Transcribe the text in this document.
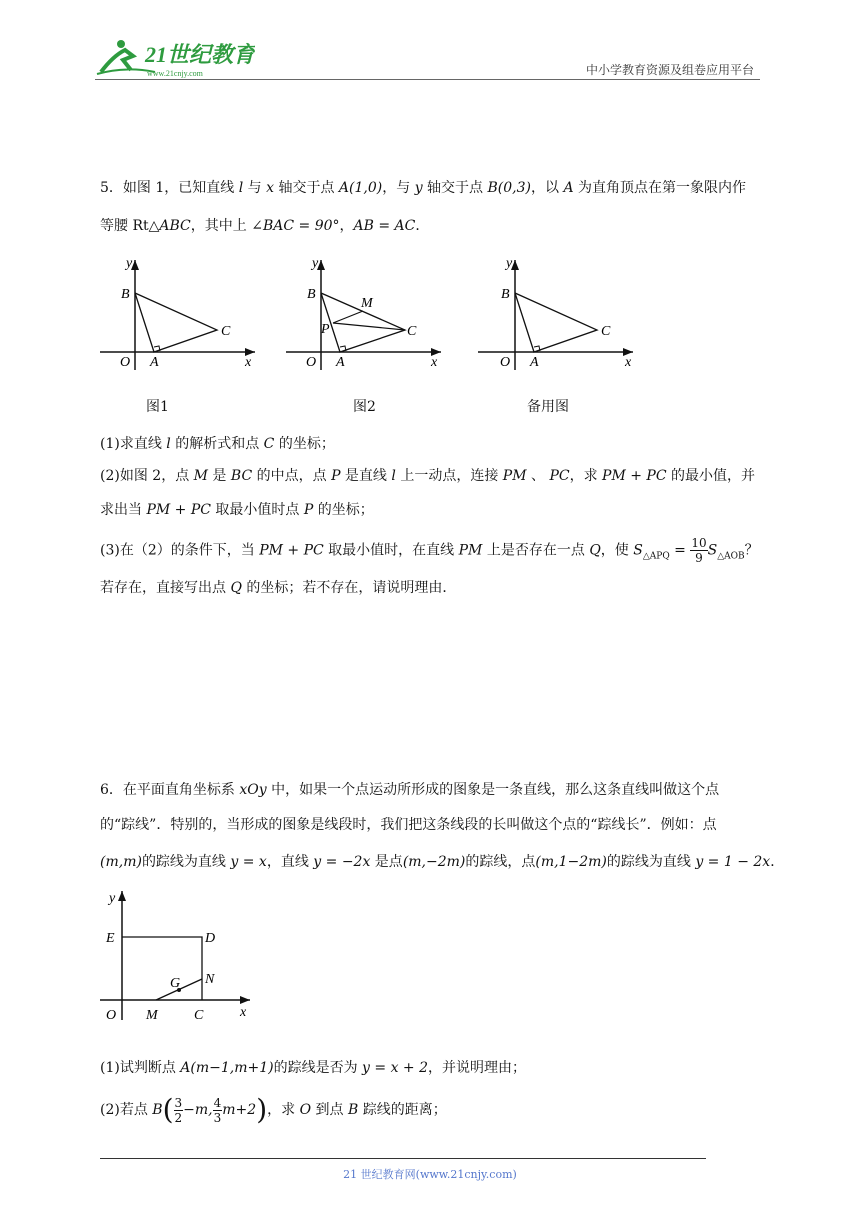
21世纪教育
www.21cnjy.com	中小学教育资源及组卷应用平台
5．如图 1，已知直线 l 与 x 轴交于点 A(1,0)，与 y 轴交于点 B(0,3)，以 A 为直角顶点在第一象限内作
等腰 Rt△ABC，其中上 ∠BAC = 90°，AB = AC．
y
B
C
O A	x
图1
y
B
M
P	C
O A	x
图2
y
B
C
O A	x
备用图
(1)求直线 l 的解析式和点 C 的坐标；
(2)如图 2，点 M 是 BC 的中点，点 P 是直线 l 上一动点，连接 PM 、 PC，求 PM + PC 的最小值，并
求出当 PM + PC 取最小值时点 P 的坐标；
(3)在（2）的条件下，当 PM + PC 取最小值时，在直线 PM 上是否存在一点 Q，使 $S_{\triangle APQ} = \frac{10}{9} S_{\triangle AOB}$？
若存在，直接写出点 Q 的坐标；若不存在，请说明理由．
6．在平面直角坐标系 xOy 中，如果一个点运动所形成的图象是一条直线，那么这条直线叫做这个点
的“踪线”．特别的，当形成的图象是线段时，我们把这条线段的长叫做这个点的“踪线长”．例如：点
(m,m)的踪线为直线 y = x，直线 y = −2x 是点(m,−2m)的踪线，点(m,1−2m)的踪线为直线 y = 1 − 2x．
y
E	D
N
G
O M	C	x
(1)试判断点 A(m−1,m+1)的踪线是否为 y = x + 2，并说明理由；
(2)若点 $B( \frac{3}{2} -m$, $\frac{4}{3} m+2$)，求 O 到点 B 踪线的距离；
21 世纪教育网(www.21cnjy.com)
